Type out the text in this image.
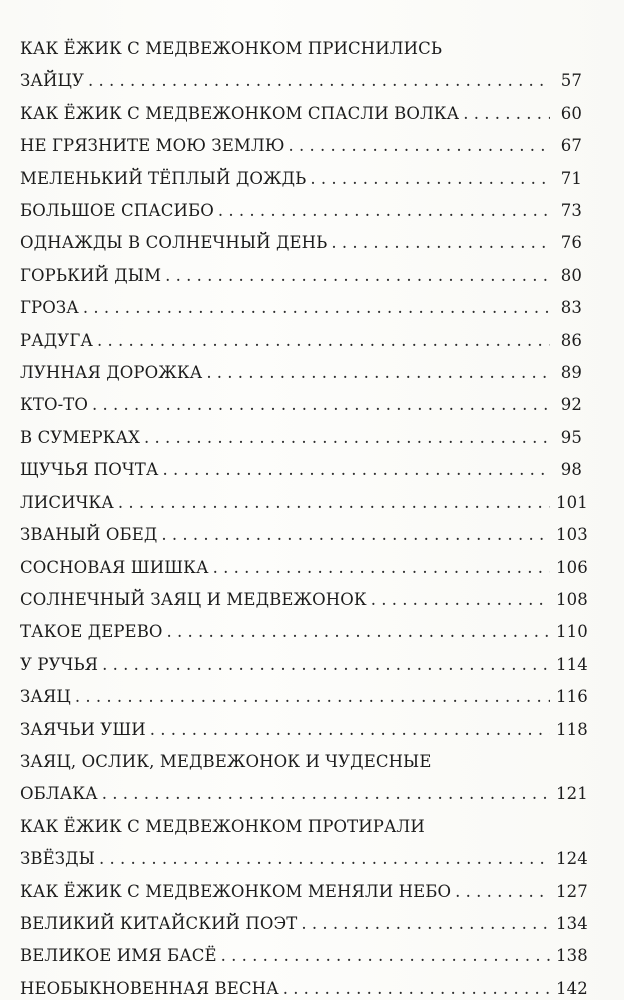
КАК ЁЖИК С МЕДВЕЖОНКОМ ПРИСНИЛИСЬ
ЗАЙЦУ . . .	57
КАК ЁЖИК С МЕДВЕЖОНКОМ СПАСЛИ ВОЛКА . . .	60
НЕ ГРЯЗНИТЕ МОЮ ЗЕМЛЮ . . .	67
МЕЛЕНЬКИЙ ТЁПЛЫЙ ДОЖДЬ . . .	71
БОЛЬШОЕ СПАСИБО . . .	73
ОДНАЖДЫ В СОЛНЕЧНЫЙ ДЕНЬ . . .	76
ГОРЬКИЙ ДЫМ . . .	80
ГРОЗА . . .	83
РАДУГА . . .	86
ЛУННАЯ ДОРОЖКА . . .	89
КТО-ТО . . .	92
В СУМЕРКАХ . . .	95
ЩУЧЬЯ ПОЧТА . . .	98
ЛИСИЧКА . . .	101
ЗВАНЫЙ ОБЕД . . .	103
СОСНОВАЯ ШИШКА . . .	106
СОЛНЕЧНЫЙ ЗАЯЦ И МЕДВЕЖОНОК . . .	108
ТАКОЕ ДЕРЕВО . . .	110
У РУЧЬЯ . . .	114
ЗАЯЦ . . .	116
ЗАЯЧЬИ УШИ . . .	118
ЗАЯЦ, ОСЛИК, МЕДВЕЖОНОК И ЧУДЕСНЫЕ
ОБЛАКА . . .	121
КАК ЁЖИК С МЕДВЕЖОНКОМ ПРОТИРАЛИ
ЗВЁЗДЫ . . .	124
КАК ЁЖИК С МЕДВЕЖОНКОМ МЕНЯЛИ НЕБО . . .	127
ВЕЛИКИЙ КИТАЙСКИЙ ПОЭТ . . .	134
ВЕЛИКОЕ ИМЯ БАСЁ . . .	138
НЕОБЫКНОВЕННАЯ ВЕСНА . . .	142
